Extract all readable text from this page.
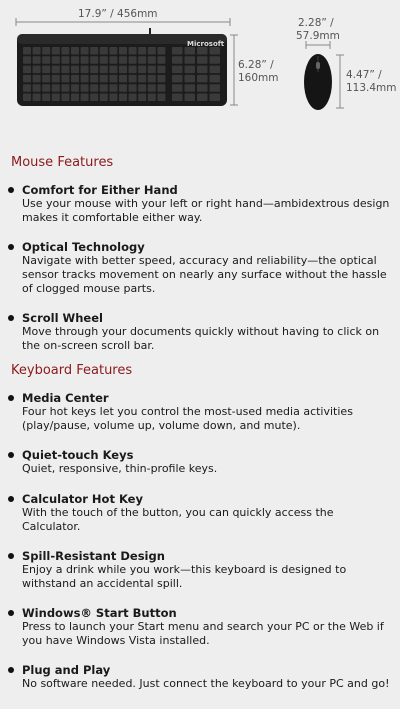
17.9” / 456mm
Microsoft
6.28” /
160mm
2.28” /
57.9mm
4.47” /
113.4mm
Mouse Features

Comfort for Either Hand

Use your mouse with your left or right hand—ambidextrous design makes it comfortable either way.

Optical Technology

Navigate with better speed, accuracy and reliability—the optical sensor tracks movement on nearly any surface without the hassle of clogged mouse parts.

Scroll Wheel

Move through your documents quickly without having to click on the on-screen scroll bar.

Keyboard Features

Media Center

Four hot keys let you control the most-used media activities (play/pause, volume up, volume down, and mute).

Quiet-touch Keys

Quiet, responsive, thin-profile keys.

Calculator Hot Key

With the touch of the button, you can quickly access the Calculator.

Spill-Resistant Design

Enjoy a drink while you work—this keyboard is designed to withstand an accidental spill.

Windows® Start Button

Press to launch your Start menu and search your PC or the Web if you have Windows Vista installed.

Plug and Play

No software needed. Just connect the keyboard to your PC and go!
